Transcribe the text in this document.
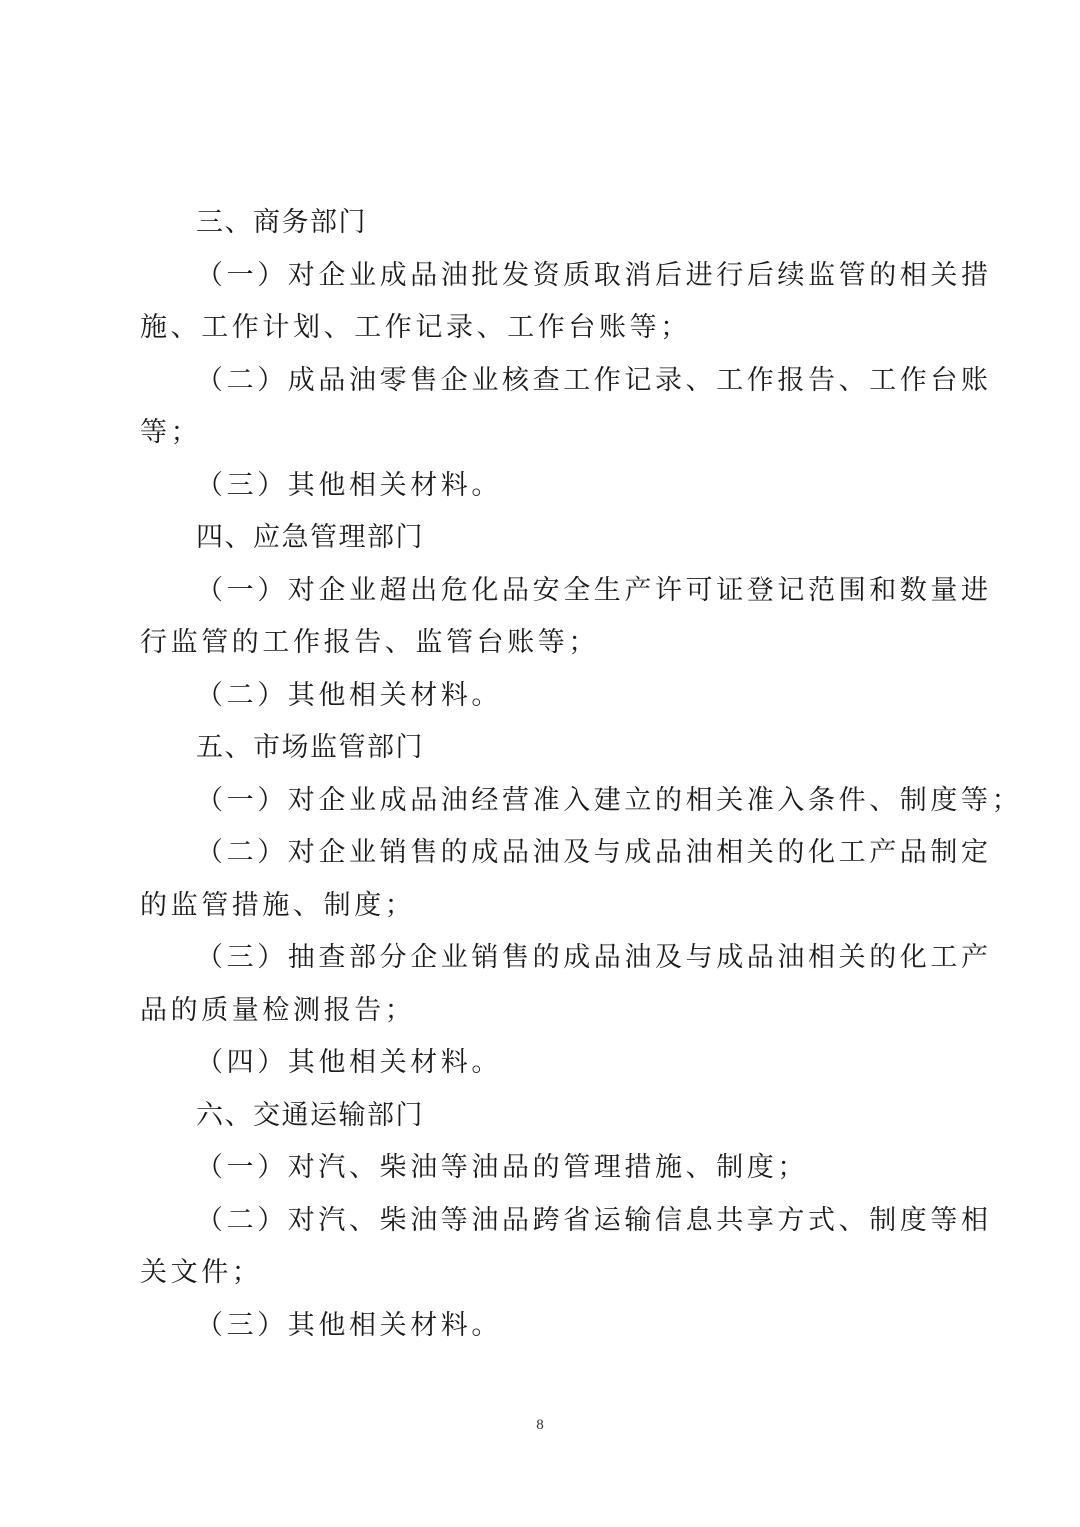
三、商务部门
（一）对企业成品油批发资质取消后进行后续监管的相关措
施、工作计划、工作记录、工作台账等；
（二）成品油零售企业核查工作记录、工作报告、工作台账
等；
（三）其他相关材料。
四、应急管理部门
（一）对企业超出危化品安全生产许可证登记范围和数量进
行监管的工作报告、监管台账等；
（二）其他相关材料。
五、市场监管部门
（一）对企业成品油经营准入建立的相关准入条件、制度等；
（二）对企业销售的成品油及与成品油相关的化工产品制定
的监管措施、制度；
（三）抽查部分企业销售的成品油及与成品油相关的化工产
品的质量检测报告；
（四）其他相关材料。
六、交通运输部门
（一）对汽、柴油等油品的管理措施、制度；
（二）对汽、柴油等油品跨省运输信息共享方式、制度等相
关文件；
（三）其他相关材料。
8
